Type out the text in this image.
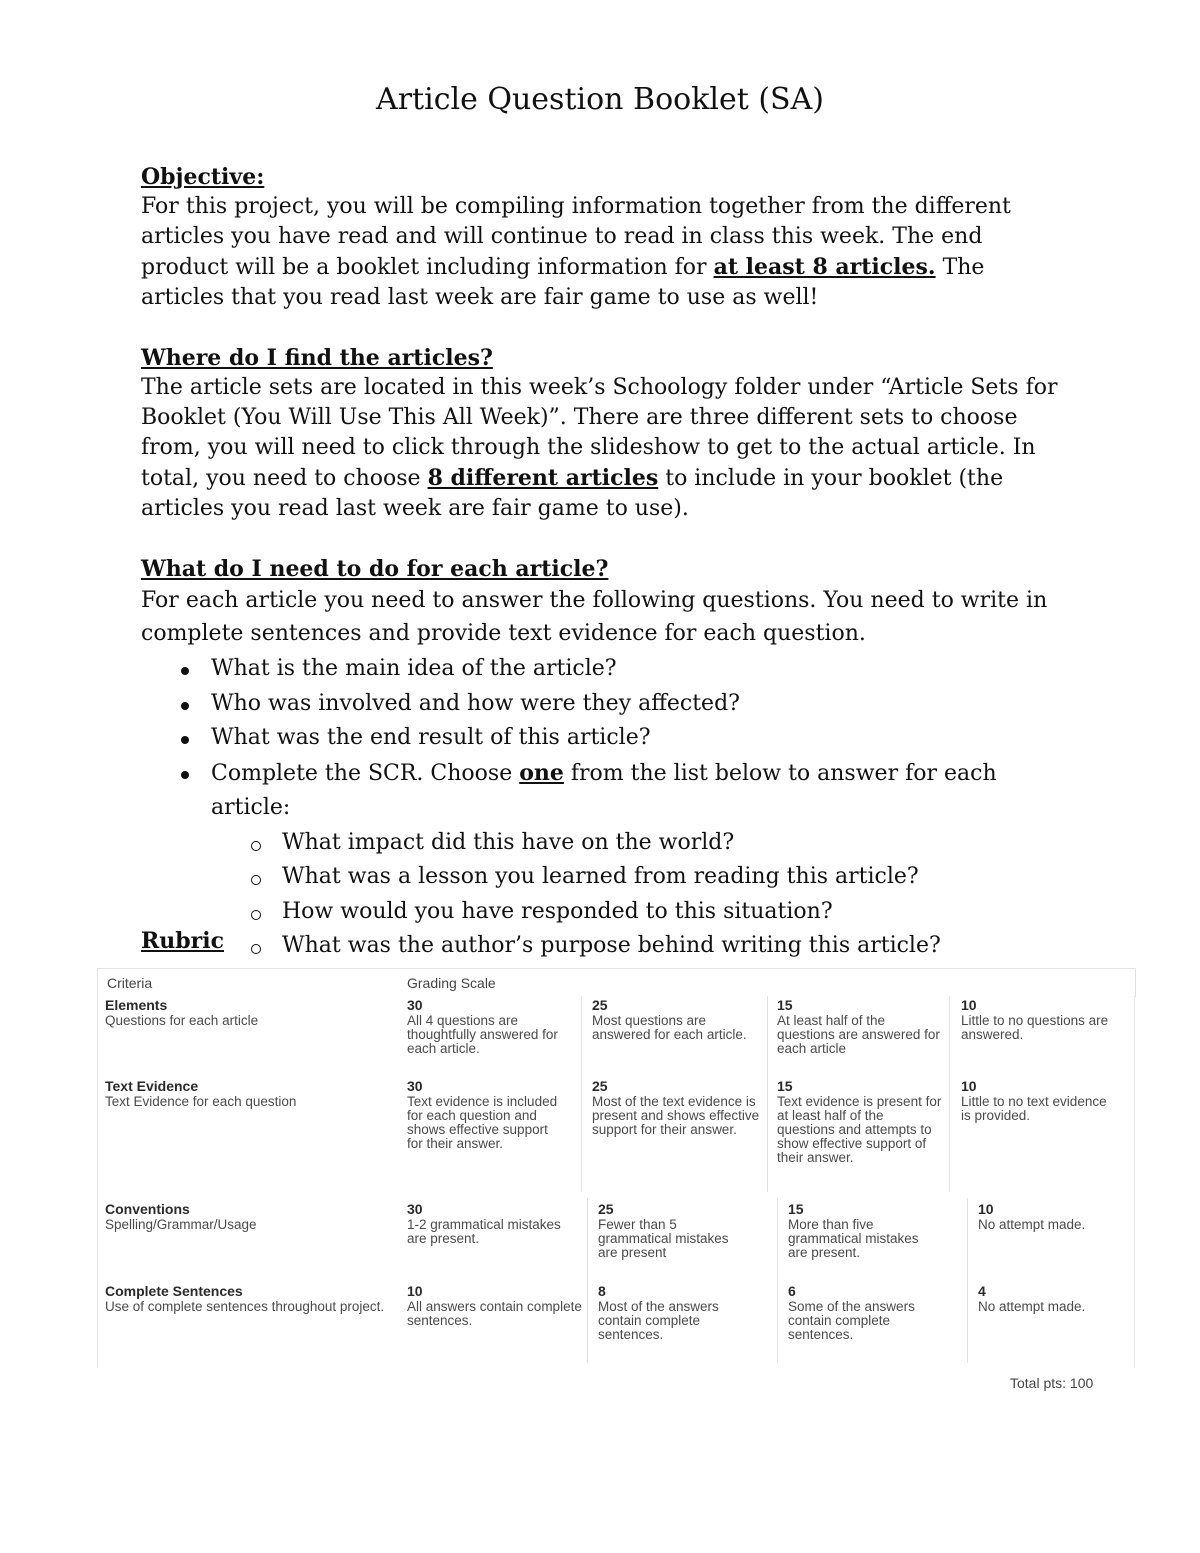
Article Question Booklet (SA)

Objective:
For this project, you will be compiling information together from the different articles you have read and will continue to read in class this week. The end product will be a booklet including information for at least 8 articles. The articles that you read last week are fair game to use as well!

Where do I find the articles?
The article sets are located in this week’s Schoology folder under “Article Sets for Booklet (You Will Use This All Week)”. There are three different sets to choose from, you will need to click through the slideshow to get to the actual article. In total, you need to choose 8 different articles to include in your booklet (the articles you read last week are fair game to use).

What do I need to do for each article?
For each article you need to answer the following questions. You need to write in complete sentences and provide text evidence for each question.

What is the main idea of the article?
Who was involved and how were they affected?
What was the end result of this article?
Complete the SCR. Choose one from the list below to answer for each article:
What impact did this have on the world?
What was a lesson you learned from reading this article?
How would you have responded to this situation?
What was the author’s purpose behind writing this article?
Rubric
Criteria	Grading Scale
Elements
Questions for each article
30
All 4 questions are thoughtfully answered for each article.
25
Most questions are answered for each article.
15
At least half of the questions are answered for each article
10
Little to no questions are answered.
Text Evidence
Text Evidence for each question
30
Text evidence is included for each question and shows effective support for their answer.
25
Most of the text evidence is present and shows effective support for their answer.
15
Text evidence is present for at least half of the questions and attempts to show effective support of their answer.
10
Little to no text evidence is provided.
Conventions
Spelling/Grammar/Usage
30
1-2 grammatical mistakes are present.
25
Fewer than 5 grammatical mistakes are present
15
More than five grammatical mistakes are present.
10
No attempt made.
Complete Sentences
Use of complete sentences throughout project.
10
All answers contain complete sentences.
8
Most of the answers contain complete sentences.
6
Some of the answers contain complete sentences.
4
No attempt made.
Total pts: 100
